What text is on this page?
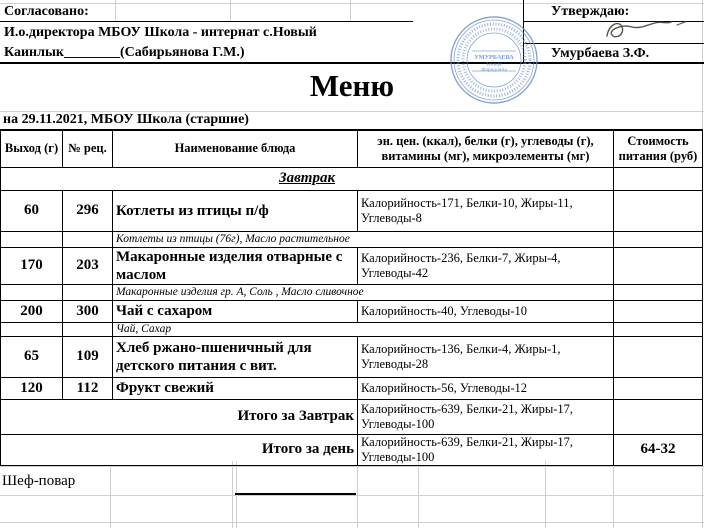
Согласовано:
И.о.директора МБОУ Школа - интернат с.Новый
Каинлык________(Сабирьянова Г.М.)
Утверждаю:
Умурбаева З.Ф.
УМУРБАЕВА
Зенифе
Фаридовна
Меню
на 29.11.2021, МБОУ Школа (старшие)
Выход (г)	№ рец.	Наименование блюда	эн. цен. (ккал), белки (г), углеводы (г), витамины (мг), микроэлементы (мг)	Стоимость питания (руб)
Завтрак				
60	296	Котлеты из птицы п/ф	Калорийность-171, Белки-10, Жиры-11, Углеводы-8	
		Котлеты из птицы (76г), Масло растительное		
170	203	Макаронные изделия отварные с маслом	Калорийность-236, Белки-7, Жиры-4, Углеводы-42	
		Макаронные изделия гр. А, Соль , Масло сливочное		
200	300	Чай с сахаром	Калорийность-40, Углеводы-10	
		Чай, Сахар		
65	109	Хлеб ржано-пшеничный для детского питания с вит.	Калорийность-136, Белки-4, Жиры-1, Углеводы-28	
120	112	Фрукт свежий	Калорийность-56, Углеводы-12	
Итого за Завтрак			Калорийность-639, Белки-21, Жиры-17, Углеводы-100	
Итого за день			Калорийность-639, Белки-21, Жиры-17, Углеводы-100	64-32
Шеф-повар
